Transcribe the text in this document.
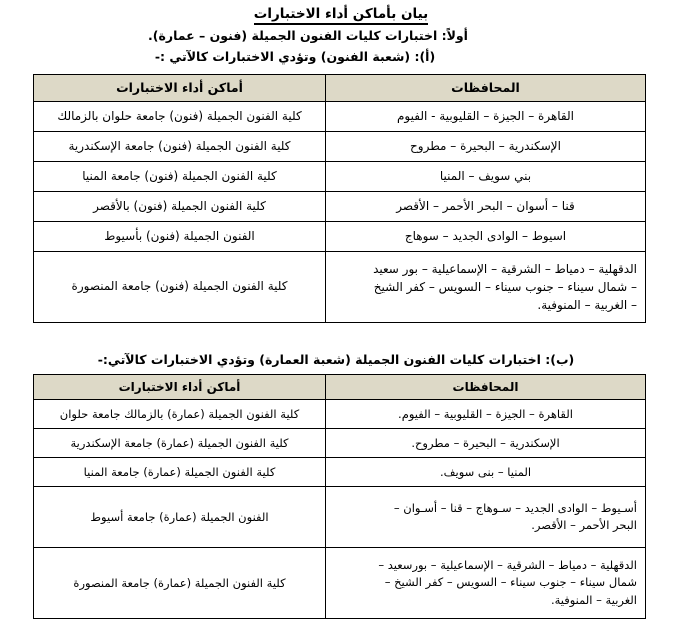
بيان بأماكن أداء الاختبارات
أولاً: اختبارات كليات الفنون الجميلة (فنون – عمارة).
(أ): (شعبة الفنون) وتؤدي الاختبارات كالآتي :-
المحافظات	أماكن أداء الاختبارات
القاهرة – الجيزة – القليوبية - الفيوم	كلية الفنون الجميلة (فنون) جامعة حلوان بالزمالك
الإسكندرية – البحيرة – مطروح	كلية الفنون الجميلة (فنون) جامعة الإسكندرية
بني سويف – المنيا	كلية الفنون الجميلة (فنون) جامعة المنيا
قنا – أسوان – البحر الأحمر – الأقصر	كلية الفنون الجميلة (فنون) بالأقصر
اسيوط – الوادى الجديد – سوهاج	الفنون الجميلة (فنون) بأسيوط

الدقهلية – دمياط – الشرقية – الإسماعيلية – بور سعيد
– شمال سيناء – جنوب سيناء – السويس – كفر الشيخ
– الغربية – المنوفية.	كلية الفنون الجميلة (فنون) جامعة المنصورة
(ب): اختبارات كليات الفنون الجميلة (شعبة العمارة) وتؤدي الاختبارات كالآتي:-
المحافظات	أماكن أداء الاختبارات
القاهرة – الجيزة – القليوبية – الفيوم.	كلية الفنون الجميلة (عمارة) بالزمالك جامعة حلوان
الإسكندرية – البحيرة – مطروح.	كلية الفنون الجميلة (عمارة) جامعة الإسكندرية
المنيا – بنى سويف.	كلية الفنون الجميلة (عمارة) جامعة المنيا

أسـيوط – الوادى الجديد – سـوهاج – قنا – أسـوان –
البحر الأحمر – الأقصر.	الفنون الجميلة (عمارة) جامعة أسيوط

الدقهلية – دمياط – الشرقية – الإسماعيلية – بورسعيد –
شمال سيناء – جنوب سيناء – السويس – كفر الشيخ –
الغربية – المنوفية.	كلية الفنون الجميلة (عمارة) جامعة المنصورة
